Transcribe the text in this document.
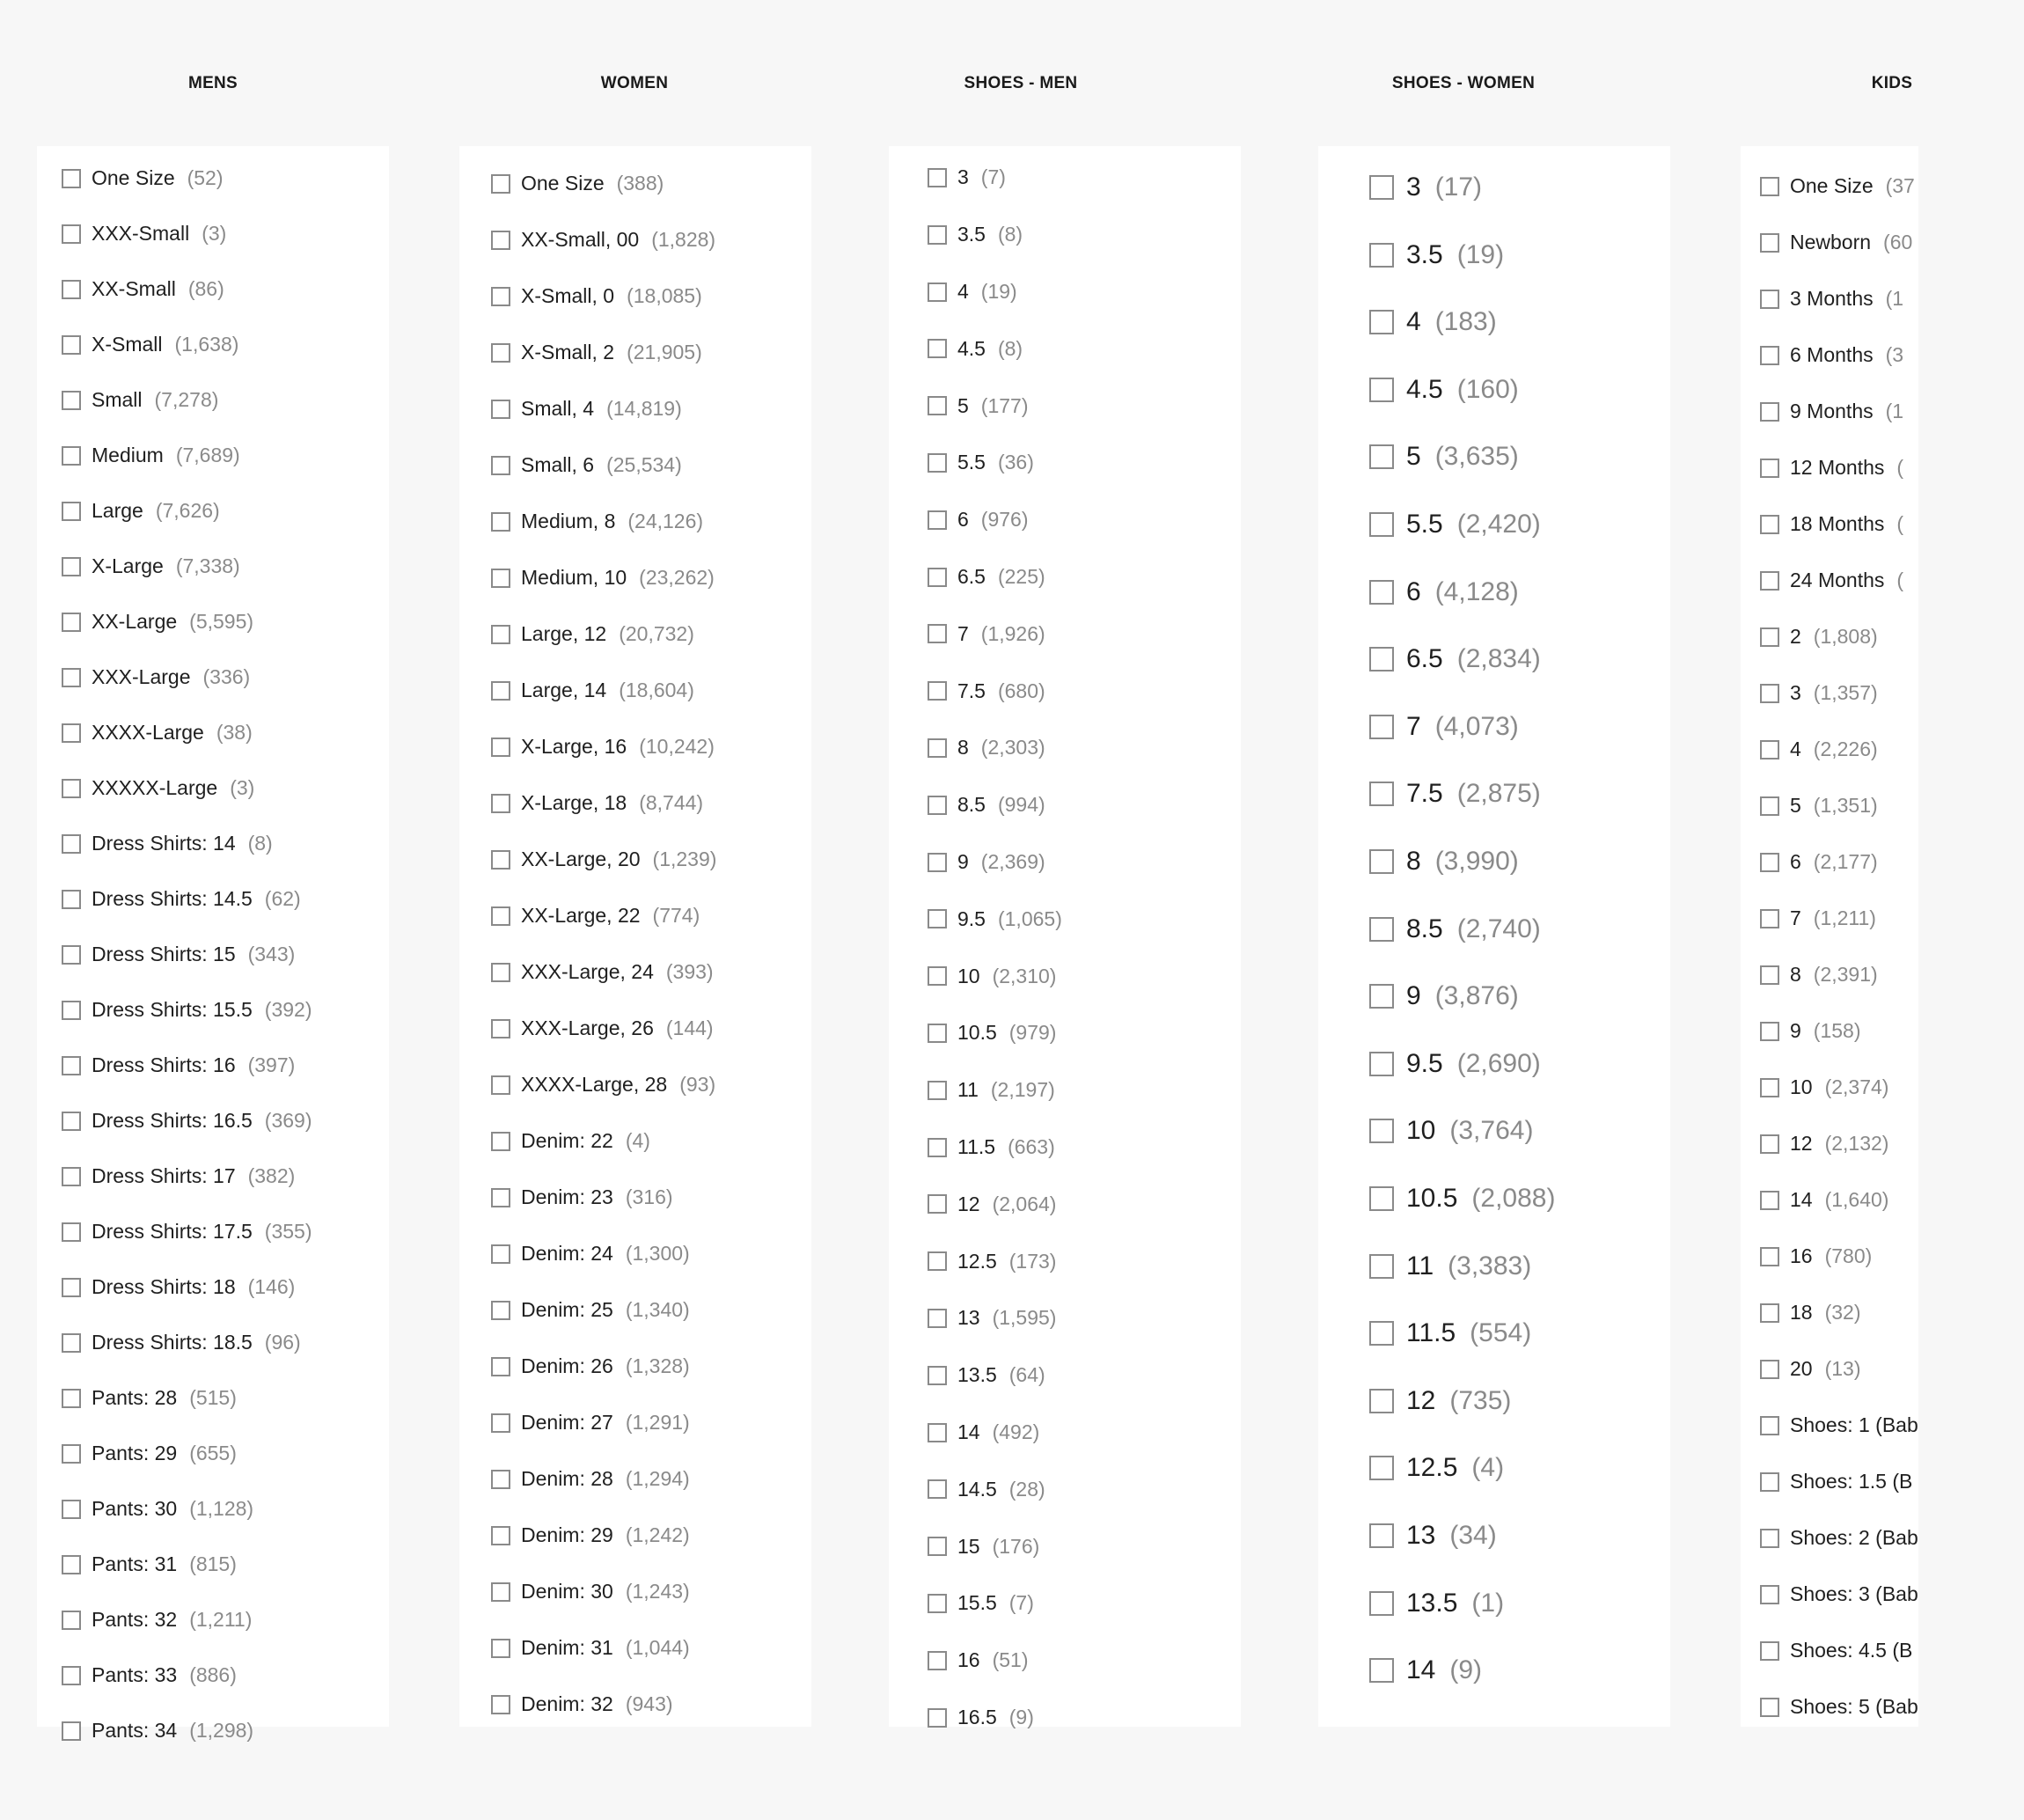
MENS
One Size (52)
XXX-Small (3)
XX-Small (86)
X-Small (1,638)
Small (7,278)
Medium (7,689)
Large (7,626)
X-Large (7,338)
XX-Large (5,595)
XXX-Large (336)
XXXX-Large (38)
XXXXX-Large (3)
Dress Shirts: 14 (8)
Dress Shirts: 14.5 (62)
Dress Shirts: 15 (343)
Dress Shirts: 15.5 (392)
Dress Shirts: 16 (397)
Dress Shirts: 16.5 (369)
Dress Shirts: 17 (382)
Dress Shirts: 17.5 (355)
Dress Shirts: 18 (146)
Dress Shirts: 18.5 (96)
Pants: 28 (515)
Pants: 29 (655)
Pants: 30 (1,128)
Pants: 31 (815)
Pants: 32 (1,211)
Pants: 33 (886)
Pants: 34 (1,298)
WOMEN
One Size (388)
XX-Small, 00 (1,828)
X-Small, 0 (18,085)
X-Small, 2 (21,905)
Small, 4 (14,819)
Small, 6 (25,534)
Medium, 8 (24,126)
Medium, 10 (23,262)
Large, 12 (20,732)
Large, 14 (18,604)
X-Large, 16 (10,242)
X-Large, 18 (8,744)
XX-Large, 20 (1,239)
XX-Large, 22 (774)
XXX-Large, 24 (393)
XXX-Large, 26 (144)
XXXX-Large, 28 (93)
Denim: 22 (4)
Denim: 23 (316)
Denim: 24 (1,300)
Denim: 25 (1,340)
Denim: 26 (1,328)
Denim: 27 (1,291)
Denim: 28 (1,294)
Denim: 29 (1,242)
Denim: 30 (1,243)
Denim: 31 (1,044)
Denim: 32 (943)
SHOES - MEN
3 (7)
3.5 (8)
4 (19)
4.5 (8)
5 (177)
5.5 (36)
6 (976)
6.5 (225)
7 (1,926)
7.5 (680)
8 (2,303)
8.5 (994)
9 (2,369)
9.5 (1,065)
10 (2,310)
10.5 (979)
11 (2,197)
11.5 (663)
12 (2,064)
12.5 (173)
13 (1,595)
13.5 (64)
14 (492)
14.5 (28)
15 (176)
15.5 (7)
16 (51)
16.5 (9)
SHOES - WOMEN
3 (17)
3.5 (19)
4 (183)
4.5 (160)
5 (3,635)
5.5 (2,420)
6 (4,128)
6.5 (2,834)
7 (4,073)
7.5 (2,875)
8 (3,990)
8.5 (2,740)
9 (3,876)
9.5 (2,690)
10 (3,764)
10.5 (2,088)
11 (3,383)
11.5 (554)
12 (735)
12.5 (4)
13 (34)
13.5 (1)
14 (9)
KIDS
One Size (37
Newborn (60
3 Months (1
6 Months (3
9 Months (1
12 Months (
18 Months (
24 Months (
2 (1,808)
3 (1,357)
4 (2,226)
5 (1,351)
6 (2,177)
7 (1,211)
8 (2,391)
9 (158)
10 (2,374)
12 (2,132)
14 (1,640)
16 (780)
18 (32)
20 (13)
Shoes: 1 (Bab
Shoes: 1.5 (B
Shoes: 2 (Bab
Shoes: 3 (Bab
Shoes: 4.5 (B
Shoes: 5 (Bab
